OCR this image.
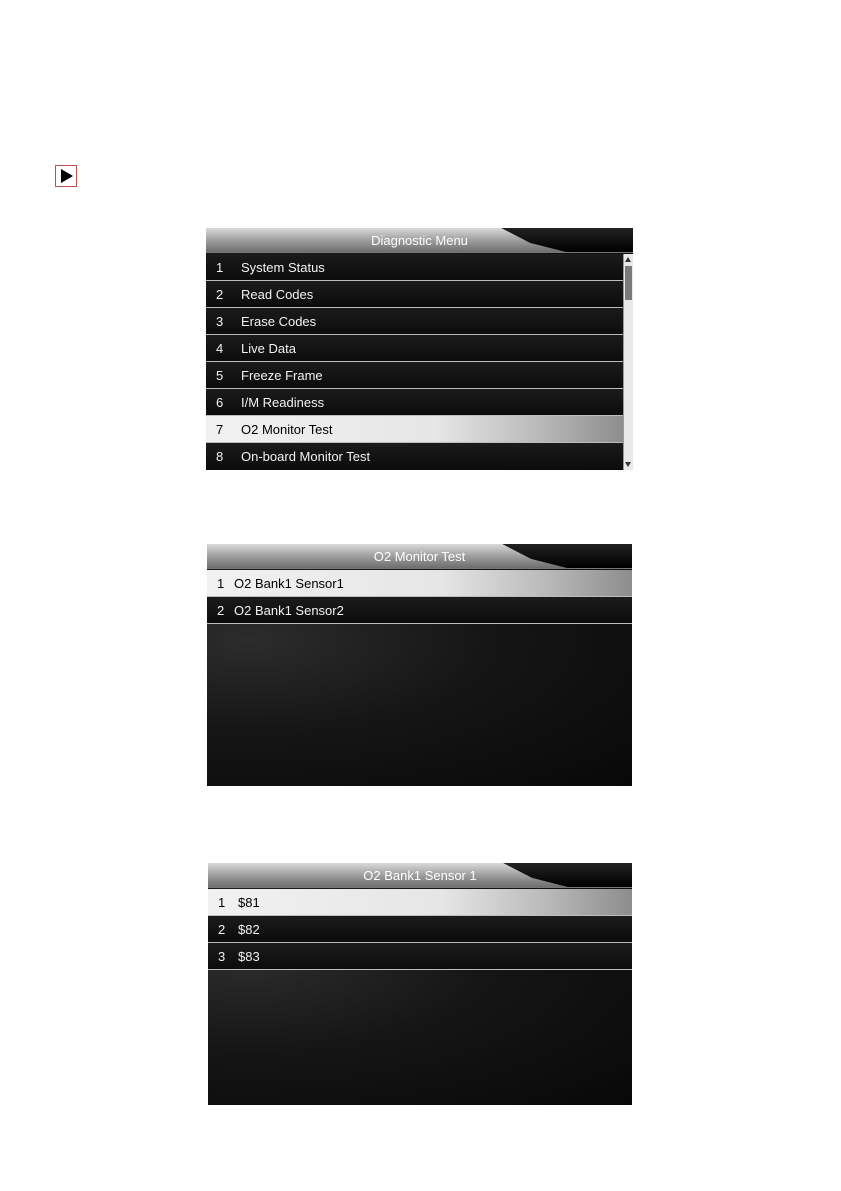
Diagnostic Menu
1 System Status
2 Read Codes
3 Erase Codes
4 Live Data
5 Freeze Frame
6 I/M Readiness
7 O2 Monitor Test
8 On-board Monitor Test
O2 Monitor Test
1 O2 Bank1 Sensor1
2 O2 Bank1 Sensor2
O2 Bank1 Sensor 1
1 $81
2 $82
3 $83
